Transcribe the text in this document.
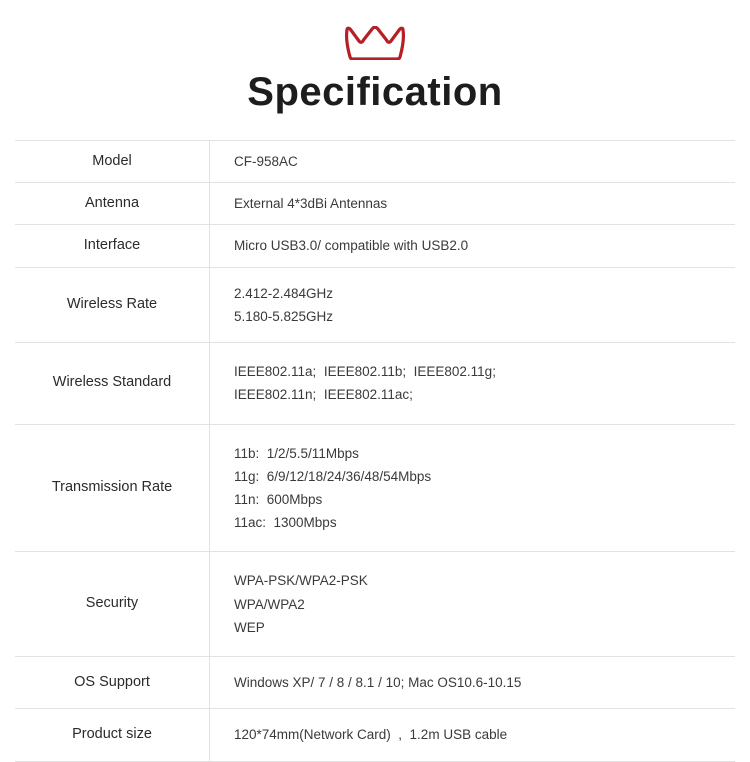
Specification
Model	CF-958AC

Antenna	External 4*3dBi Antennas

Interface	Micro USB3.0/ compatible with USB2.0

Wireless Rate	2.412-2.484GHz
5.180-5.825GHz

Wireless Standard	IEEE802.11a;  IEEE802.11b;  IEEE802.11g;
IEEE802.11n;  IEEE802.11ac;

Transmission Rate	11b:  1/2/5.5/11Mbps
11g:  6/9/12/18/24/36/48/54Mbps
11n:  600Mbps
11ac:  1300Mbps

Security	WPA-PSK/WPA2-PSK
WPA/WPA2
WEP

OS Support	Windows XP/ 7 / 8 / 8.1 / 10; Mac OS10.6-10.15

Product size	120*74mm(Network Card)  ,  1.2m USB cable
